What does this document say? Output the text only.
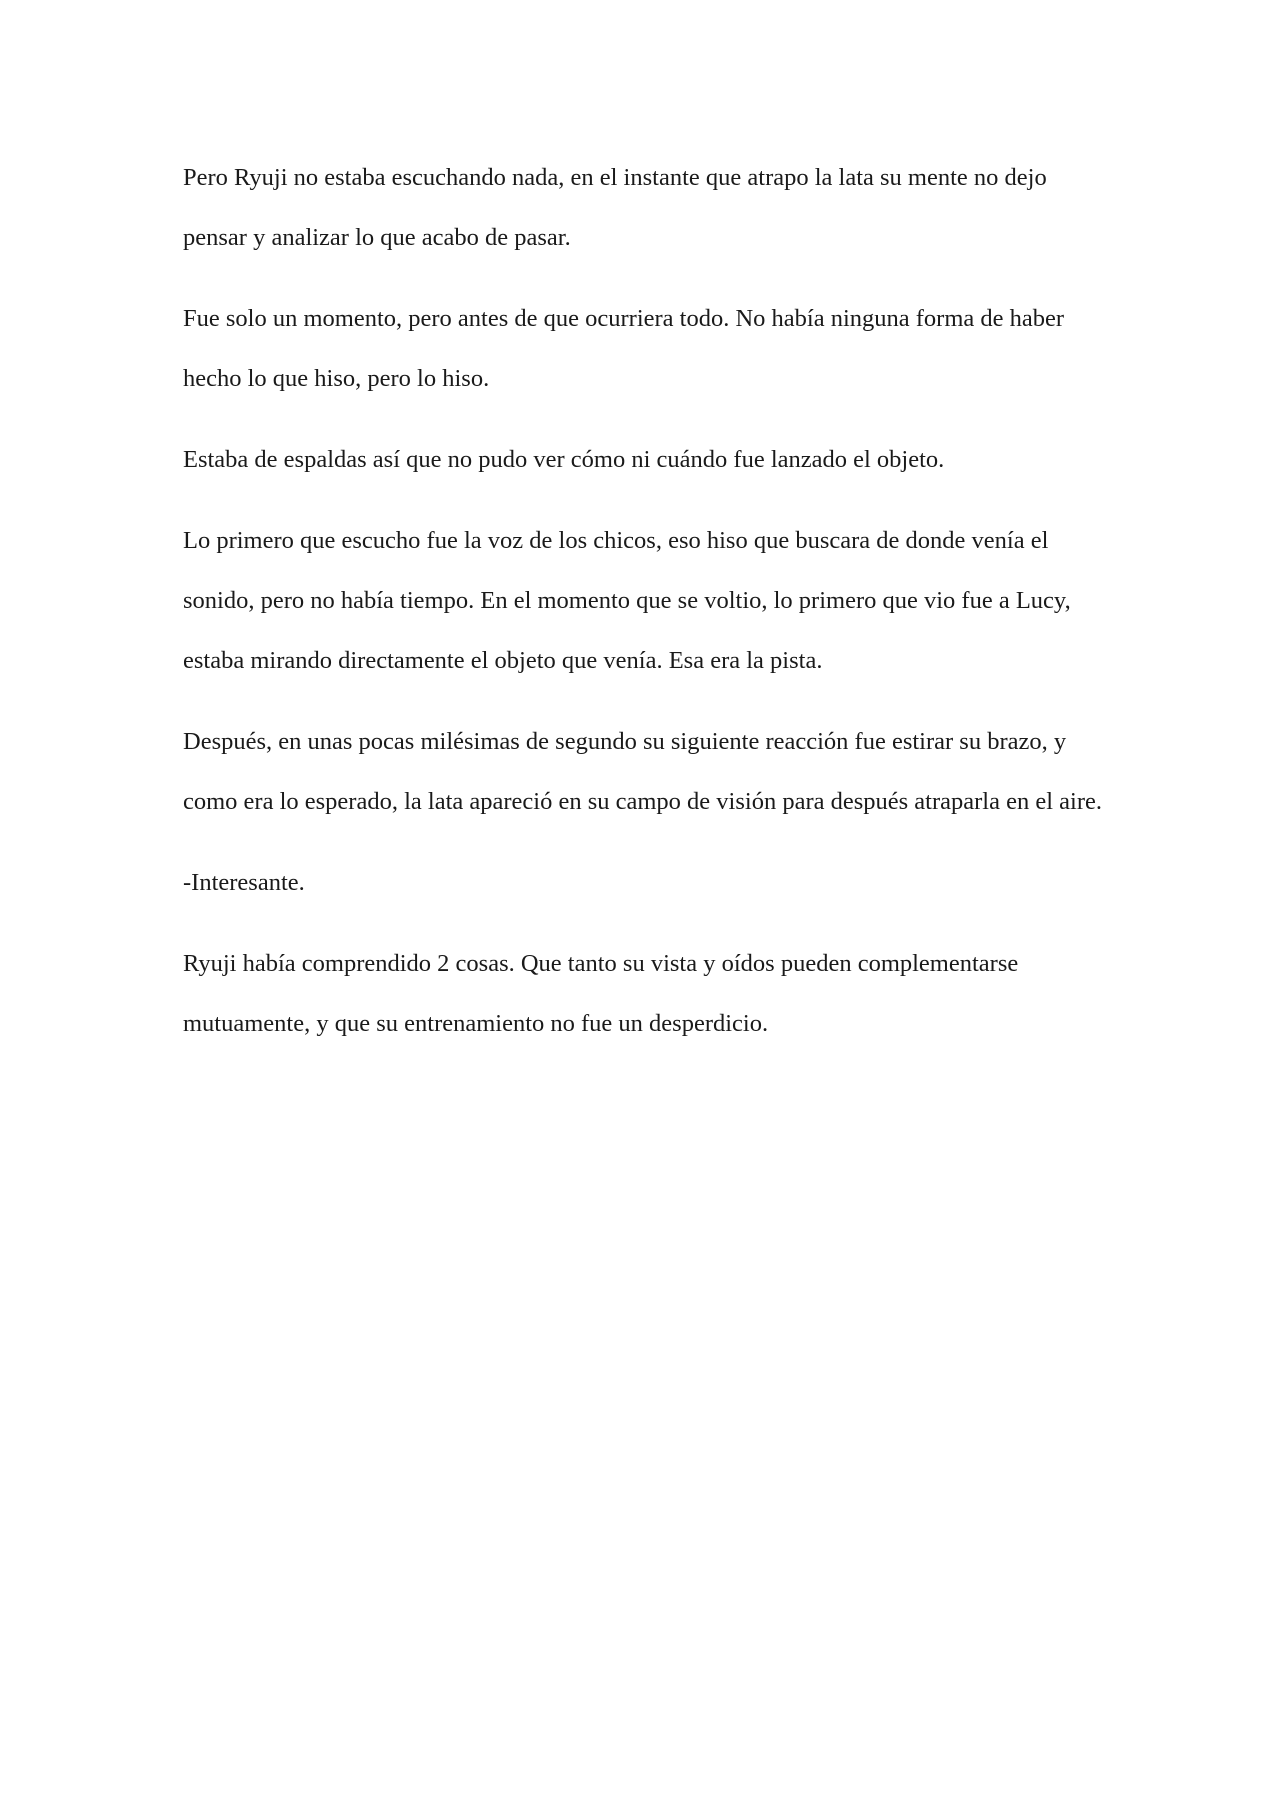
Pero Ryuji no estaba escuchando nada, en el instante que atrapo la lata su mente no dejo pensar y analizar lo que acabo de pasar.

Fue solo un momento, pero antes de que ocurriera todo. No había ninguna forma de haber hecho lo que hiso, pero lo hiso.

Estaba de espaldas así que no pudo ver cómo ni cuándo fue lanzado el objeto.

Lo primero que escucho fue la voz de los chicos, eso hiso que buscara de donde venía el sonido, pero no había tiempo. En el momento que se voltio, lo primero que vio fue a Lucy, estaba mirando directamente el objeto que venía. Esa era la pista.

Después, en unas pocas milésimas de segundo su siguiente reacción fue estirar su brazo, y como era lo esperado, la lata apareció en su campo de visión para después atraparla en el aire.

-Interesante.

Ryuji había comprendido 2 cosas. Que tanto su vista y oídos pueden complementarse mutuamente, y que su entrenamiento no fue un desperdicio.
